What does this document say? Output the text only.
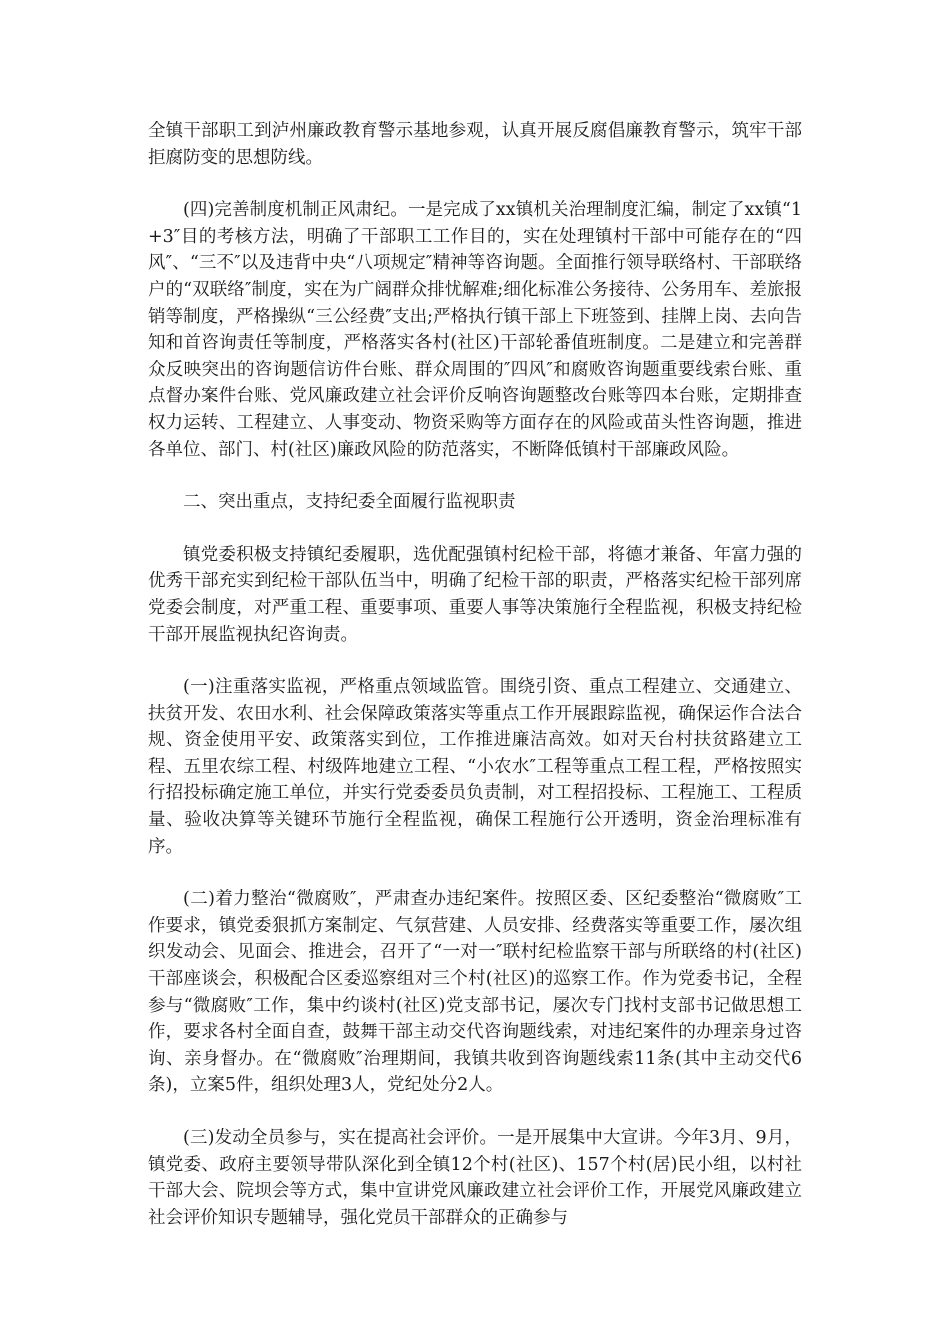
全镇干部职工到泸州廉政教育警示基地参观，认真开展反腐倡廉教育警示，筑牢干部拒腐防变的思想防线。

(四)完善制度机制正风肃纪。一是完成了xx镇机关治理制度汇编，制定了xx镇“1+3″目的考核方法，明确了干部职工工作目的，实在处理镇村干部中可能存在的“四风″、“三不″以及违背中央“八项规定″精神等咨询题。全面推行领导联络村、干部联络户的“双联络″制度，实在为广阔群众排忧解难;细化标准公务接待、公务用车、差旅报销等制度，严格操纵“三公经费″支出;严格执行镇干部上下班签到、挂牌上岗、去向告知和首咨询责任等制度，严格落实各村(社区)干部轮番值班制度。二是建立和完善群众反映突出的咨询题信访件台账、群众周围的″四风″和腐败咨询题重要线索台账、重点督办案件台账、党风廉政建立社会评价反响咨询题整改台账等四本台账，定期排查权力运转、工程建立、人事变动、物资采购等方面存在的风险或苗头性咨询题，推进各单位、部门、村(社区)廉政风险的防范落实，不断降低镇村干部廉政风险。

二、突出重点，支持纪委全面履行监视职责

镇党委积极支持镇纪委履职，选优配强镇村纪检干部，将德才兼备、年富力强的优秀干部充实到纪检干部队伍当中，明确了纪检干部的职责，严格落实纪检干部列席党委会制度，对严重工程、重要事项、重要人事等决策施行全程监视，积极支持纪检干部开展监视执纪咨询责。

(一)注重落实监视，严格重点领域监管。围绕引资、重点工程建立、交通建立、扶贫开发、农田水利、社会保障政策落实等重点工作开展跟踪监视，确保运作合法合规、资金使用平安、政策落实到位，工作推进廉洁高效。如对天台村扶贫路建立工程、五里农综工程、村级阵地建立工程、“小农水″工程等重点工程工程，严格按照实行招投标确定施工单位，并实行党委委员负责制，对工程招投标、工程施工、工程质量、验收决算等关键环节施行全程监视，确保工程施行公开透明，资金治理标准有序。

(二)着力整治“微腐败″，严肃查办违纪案件。按照区委、区纪委整治“微腐败″工作要求，镇党委狠抓方案制定、气氛营建、人员安排、经费落实等重要工作，屡次组织发动会、见面会、推进会，召开了“一对一″联村纪检监察干部与所联络的村(社区)干部座谈会，积极配合区委巡察组对三个村(社区)的巡察工作。作为党委书记，全程参与“微腐败″工作，集中约谈村(社区)党支部书记，屡次专门找村支部书记做思想工作，要求各村全面自查，鼓舞干部主动交代咨询题线索，对违纪案件的办理亲身过咨询、亲身督办。在“微腐败″治理期间，我镇共收到咨询题线索11条(其中主动交代6条)，立案5件，组织处理3人，党纪处分2人。

(三)发动全员参与，实在提高社会评价。一是开展集中大宣讲。今年3月、9月，镇党委、政府主要领导带队深化到全镇12个村(社区)、157个村(居)民小组，以村社干部大会、院坝会等方式，集中宣讲党风廉政建立社会评价工作，开展党风廉政建立社会评价知识专题辅导，强化党员干部群众的正确参与
